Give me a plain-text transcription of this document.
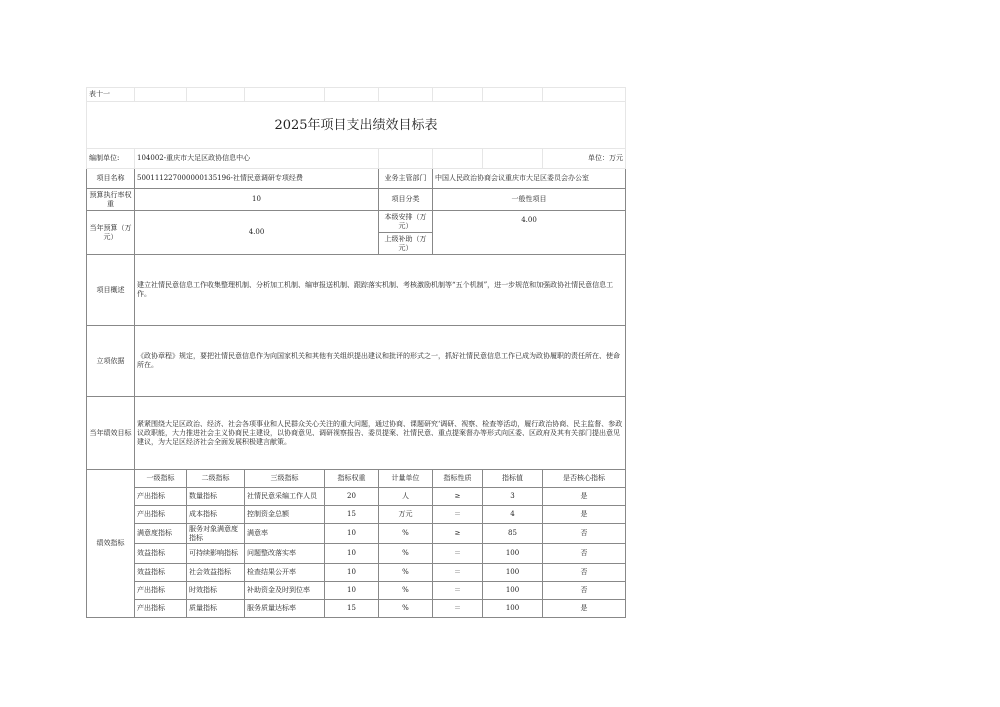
表十一								
2025年项目支出绩效目标表								
编制单位:	104002-重庆市大足区政协信息中心							单位：万元
项目名称	500111227000000135196-社情民意调研专项经费				业务主管部门	中国人民政治协商会议重庆市大足区委员会办公室		
预算执行率权重	10				项目分类	一般性项目		
当年预算（万元）	4.00				本级安排（万元）	4.00		
					上级补助（万元）			
项目概述	建立社情民意信息工作收集整理机制、分析加工机制、编审报送机制、跟踪落实机制、考核激励机制等“五个机制”，进一步规范和加强政协社情民意信息工作。							
立项依据	《政协章程》规定，要把社情民意信息作为向国家机关和其他有关组织提出建议和批评的形式之一，抓好社情民意信息工作已成为政协履职的责任所在、使命所在。							
当年绩效目标	紧紧围绕大足区政治、经济、社会各项事业和人民群众关心关注的重大问题，通过协商、课题研究‘调研、视察、检查等活动，履行政治协商、民主监督、参政议政职能，大力推进社会主义协商民主建设，以协商意见、调研视察报告、委员提案、社情民意、重点提案督办等形式向区委、区政府及其有关部门提出意见建议，为大足区经济社会全面发展积极建言献策。							
绩效指标	一级指标	二级指标	三级指标	指标权重	计量单位	指标性质	指标值	是否核心指标
	产出指标	数量指标	社情民意采编工作人员	20	人	≥	3	是
	产出指标	成本指标	控制资金总额	15	万元	＝	4	是
	满意度指标	服务对象满意度指标	满意率	10	%	≥	85	否
	效益指标	可持续影响指标	问题整改落实率	10	%	＝	100	否
	效益指标	社会效益指标	检查结果公开率	10	%	＝	100	否
	产出指标	时效指标	补助资金及时到位率	10	%	＝	100	否
	产出指标	质量指标	服务质量达标率	15	%	＝	100	是
